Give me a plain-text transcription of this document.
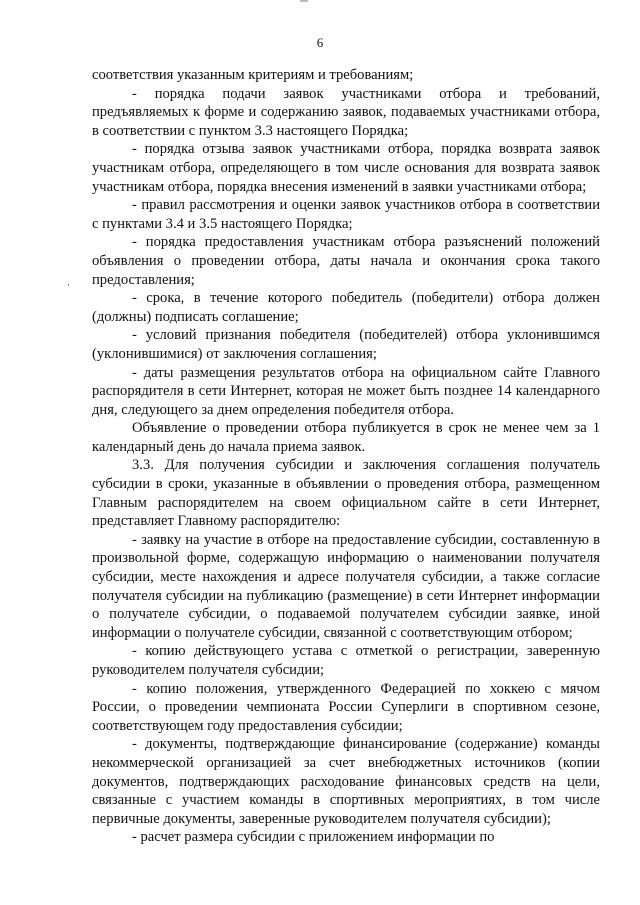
6

соответствия указанным критериям и требованиям;

- порядка подачи заявок участниками отбора и требований, предъявляемых к форме и содержанию заявок, подаваемых участниками отбора, в соответствии с пунктом 3.3 настоящего Порядка;

- порядка отзыва заявок участниками отбора, порядка возврата заявок участникам отбора, определяющего в том числе основания для возврата заявок участникам отбора, порядка внесения изменений в заявки участниками отбора;

- правил рассмотрения и оценки заявок участников отбора в соответствии с пунктами 3.4 и 3.5 настоящего Порядка;

- порядка предоставления участникам отбора разъяснений положений объявления о проведении отбора, даты начала и окончания срока такого предоставления;

- срока, в течение которого победитель (победители) отбора должен (должны) подписать соглашение;

- условий признания победителя (победителей) отбора уклонившимся (уклонившимися) от заключения соглашения;

- даты размещения результатов отбора на официальном сайте Главного распорядителя в сети Интернет, которая не может быть позднее 14 календарного дня, следующего за днем определения победителя отбора.

Объявление о проведении отбора публикуется в срок не менее чем за 1 календарный день до начала приема заявок.

3.3. Для получения субсидии и заключения соглашения получатель субсидии в сроки, указанные в объявлении о проведения отбора, размещенном Главным распорядителем на своем официальном сайте в сети Интернет, представляет Главному распорядителю:

- заявку на участие в отборе на предоставление субсидии, составленную в произвольной форме, содержащую информацию о наименовании получателя субсидии, месте нахождения и адресе получателя субсидии, а также согласие получателя субсидии на публикацию (размещение) в сети Интернет информации о получателе субсидии, о подаваемой получателем субсидии заявке, иной информации о получателе субсидии, связанной с соответствующим отбором;

- копию действующего устава с отметкой о регистрации, заверенную руководителем получателя субсидии;

- копию положения, утвержденного Федерацией по хоккею с мячом России, о проведении чемпионата России Суперлиги в спортивном сезоне, соответствующем году предоставления субсидии;

- документы, подтверждающие финансирование (содержание) команды некоммерческой организацией за счет внебюджетных источников (копии документов, подтверждающих расходование финансовых средств на цели, связанные с участием команды в спортивных мероприятиях, в том числе первичные документы, заверенные руководителем получателя субсидии);

- расчет размера субсидии с приложением информации по
